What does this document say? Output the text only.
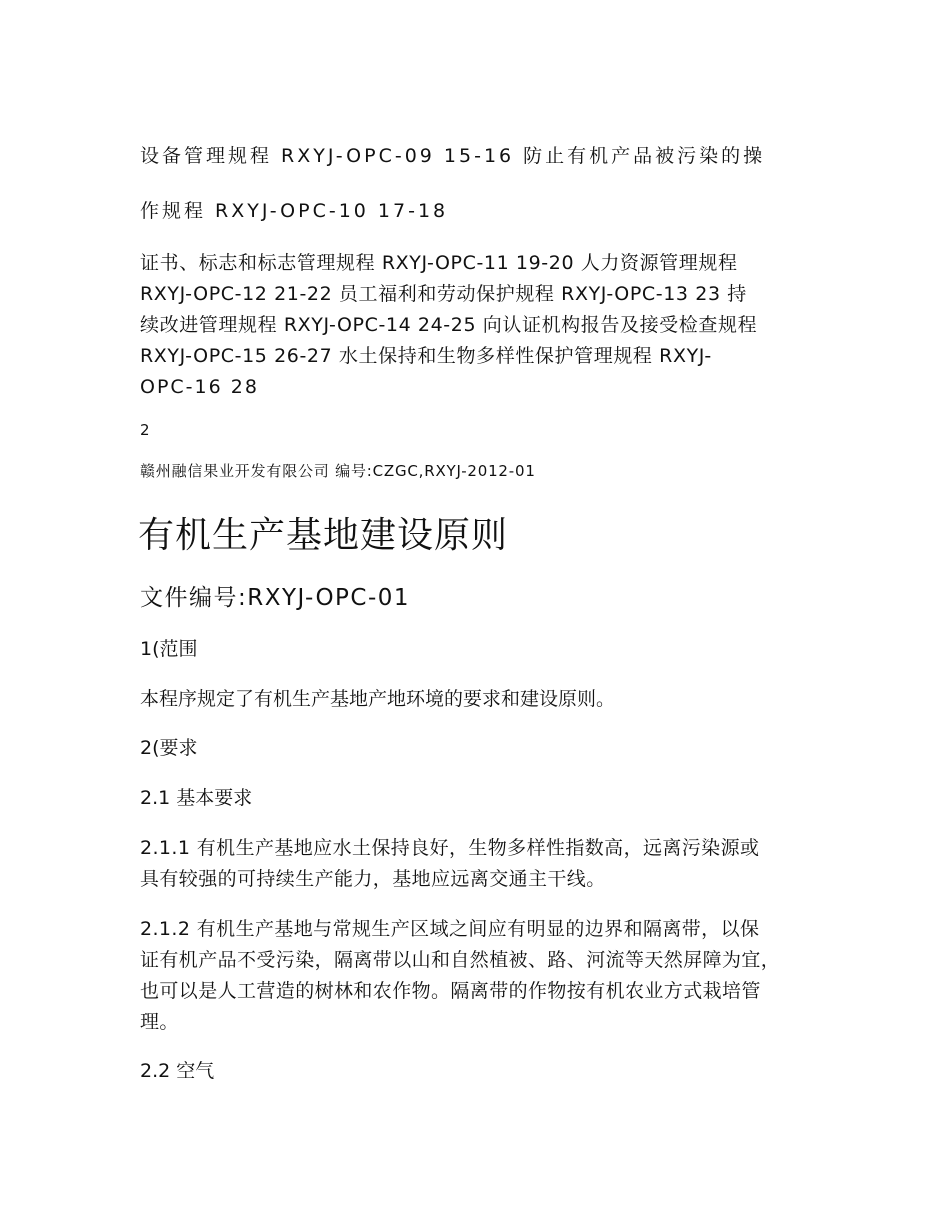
设备管理规程 RXYJ-OPC-09 15-16 防止有机产品被污染的操
作规程 RXYJ-OPC-10 17-18
证书、标志和标志管理规程 RXYJ-OPC-11 19-20 人力资源管理规程
RXYJ-OPC-12 21-22 员工福利和劳动保护规程 RXYJ-OPC-13 23 持
续改进管理规程 RXYJ-OPC-14 24-25 向认证机构报告及接受检查规程
RXYJ-OPC-15 26-27 水土保持和生物多样性保护管理规程 RXYJ-
OPC-16 28
2
赣州融信果业开发有限公司 编号:CZGC,RXYJ-2012-01
有机生产基地建设原则
文件编号:RXYJ-OPC-01
1(范围
本程序规定了有机生产基地产地环境的要求和建设原则。
2(要求
2.1 基本要求
2.1.1 有机生产基地应水土保持良好，生物多样性指数高，远离污染源或
具有较强的可持续生产能力，基地应远离交通主干线。
2.1.2 有机生产基地与常规生产区域之间应有明显的边界和隔离带，以保
证有机产品不受污染，隔离带以山和自然植被、路、河流等天然屏障为宜，
也可以是人工营造的树林和农作物。隔离带的作物按有机农业方式栽培管
理。
2.2 空气
